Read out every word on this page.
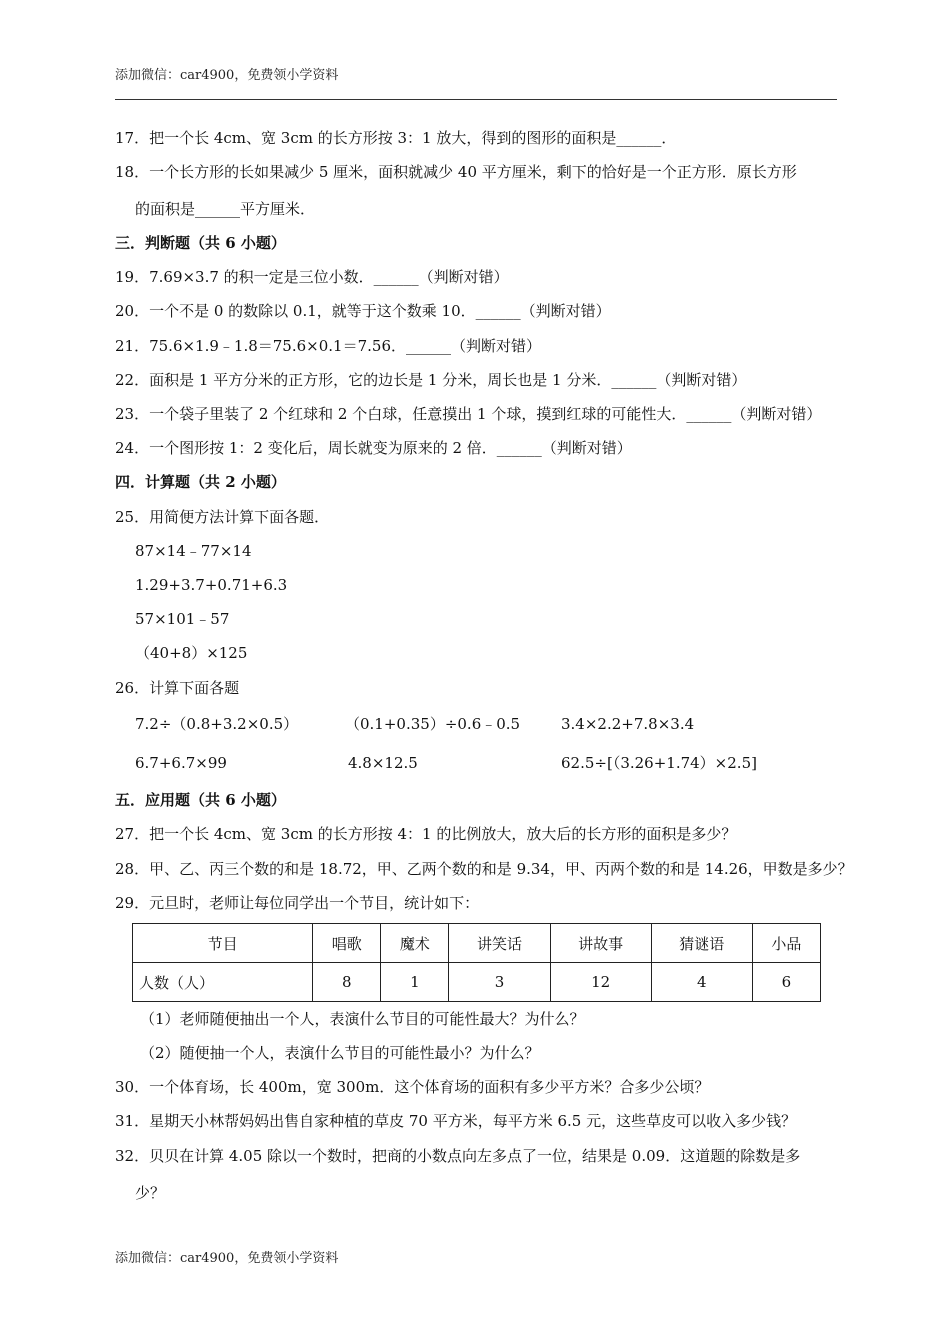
添加微信：car4900，免费领小学资料
17．把一个长 4cm、宽 3cm 的长方形按 3：1 放大，得到的图形的面积是______．
18．一个长方形的长如果减少 5 厘米，面积就减少 40 平方厘米，剩下的恰好是一个正方形．原长方形
的面积是______平方厘米．
三．判断题（共 6 小题）
19．7.69×3.7 的积一定是三位小数．______（判断对错）
20．一个不是 0 的数除以 0.1，就等于这个数乘 10．______（判断对错）
21．75.6×1.9﹣1.8＝75.6×0.1＝7.56．______（判断对错）
22．面积是 1 平方分米的正方形，它的边长是 1 分米，周长也是 1 分米．______（判断对错）
23．一个袋子里装了 2 个红球和 2 个白球，任意摸出 1 个球，摸到红球的可能性大．______（判断对错）
24．一个图形按 1：2 变化后，周长就变为原来的 2 倍．______（判断对错）
四．计算题（共 2 小题）
25．用简便方法计算下面各题．
87×14﹣77×14
1.29+3.7+0.71+6.3
57×101﹣57
（40+8）×125
26．计算下面各题
7.2÷（0.8+3.2×0.5）	（0.1+0.35）÷0.6﹣0.5	3.4×2.2+7.8×3.4
6.7+6.7×99	4.8×12.5	62.5÷[（3.26+1.74）×2.5]
五．应用题（共 6 小题）
27．把一个长 4cm、宽 3cm 的长方形按 4：1 的比例放大，放大后的长方形的面积是多少？
28．甲、乙、丙三个数的和是 18.72，甲、乙两个数的和是 9.34，甲、丙两个数的和是 14.26，甲数是多少？
29．元旦时，老师让每位同学出一个节目，统计如下：
节目	唱歌	魔术	讲笑话	讲故事	猜谜语	小品
人数（人）	8	1	3	12	4	6
（1）老师随便抽出一个人，表演什么节目的可能性最大？为什么？
（2）随便抽一个人，表演什么节目的可能性最小？为什么？
30．一个体育场，长 400m，宽 300m．这个体育场的面积有多少平方米？合多少公顷？
31．星期天小林帮妈妈出售自家种植的草皮 70 平方米，每平方米 6.5 元，这些草皮可以收入多少钱？
32．贝贝在计算 4.05 除以一个数时，把商的小数点向左多点了一位，结果是 0.09．这道题的除数是多
少？
添加微信：car4900，免费领小学资料
